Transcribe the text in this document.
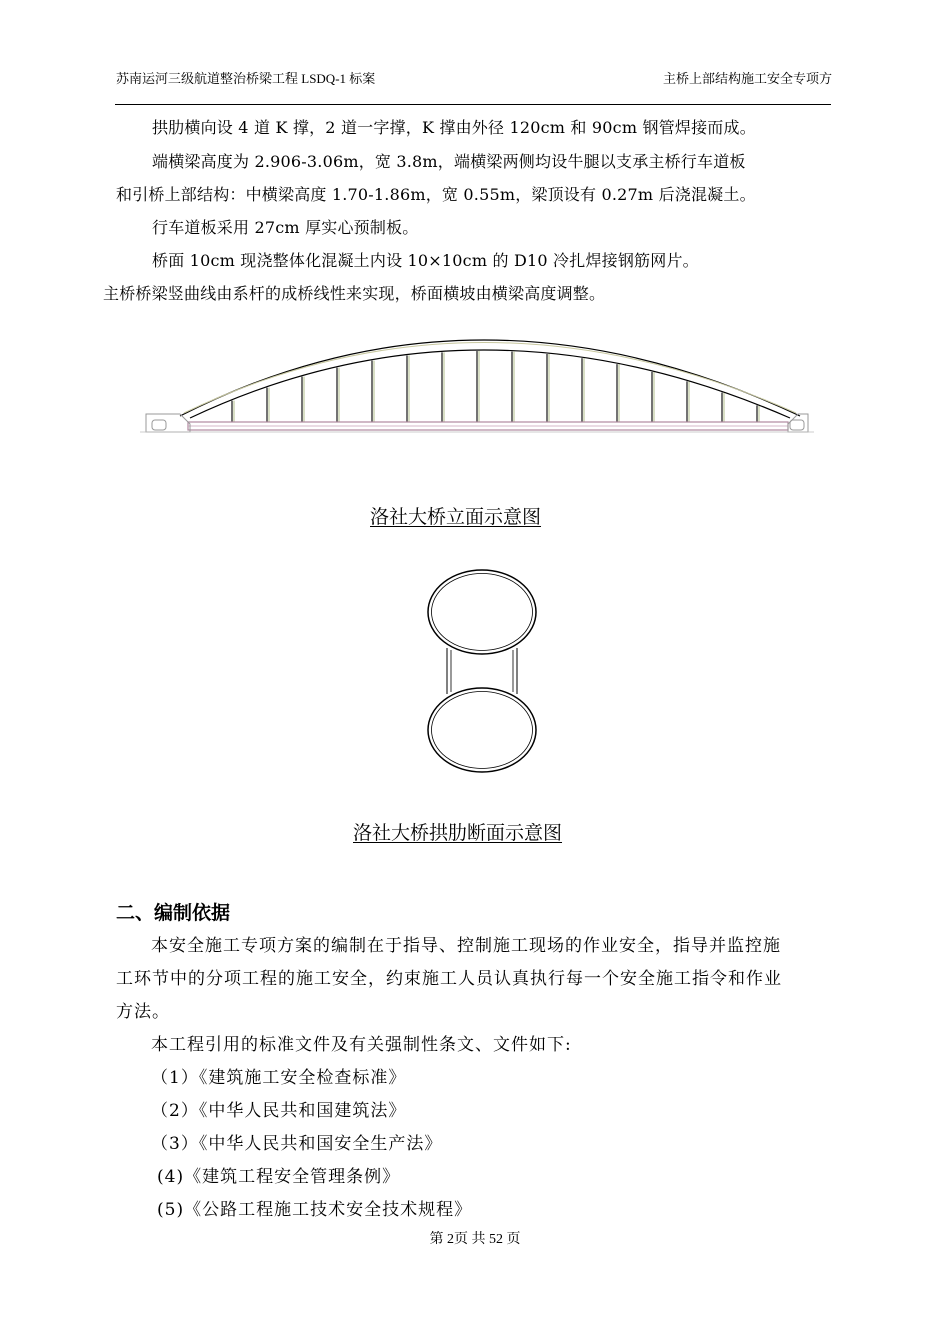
苏南运河三级航道整治桥梁工程 LSDQ-1 标案	主桥上部结构施工安全专项方
拱肋横向设 4 道 K 撑，2 道一字撑，K 撑由外径 120cm 和 90cm 钢管焊接而成。
端横梁高度为 2.906-3.06m，宽 3.8m，端横梁两侧均设牛腿以支承主桥行车道板
和引桥上部结构：中横梁高度 1.70-1.86m，宽 0.55m，梁顶设有 0.27m 后浇混凝土。
行车道板采用 27cm 厚实心预制板。
桥面 10cm 现浇整体化混凝土内设 10×10cm 的 D10 冷扎焊接钢筋网片。
主桥桥梁竖曲线由系杆的成桥线性来实现，桥面横坡由横梁高度调整。
洛社大桥立面示意图
洛社大桥拱肋断面示意图
二、编制依据
本安全施工专项方案的编制在于指导、控制施工现场的作业安全，指导并监控施
工环节中的分项工程的施工安全，约束施工人员认真执行每一个安全施工指令和作业
方法。
本工程引用的标准文件及有关强制性条文、文件如下:
（1）《建筑施工安全检查标准》
（2）《中华人民共和国建筑法》
（3）《中华人民共和国安全生产法》
(4)《建筑工程安全管理条例》
(5)《公路工程施工技术安全技术规程》
第 2页 共 52 页
